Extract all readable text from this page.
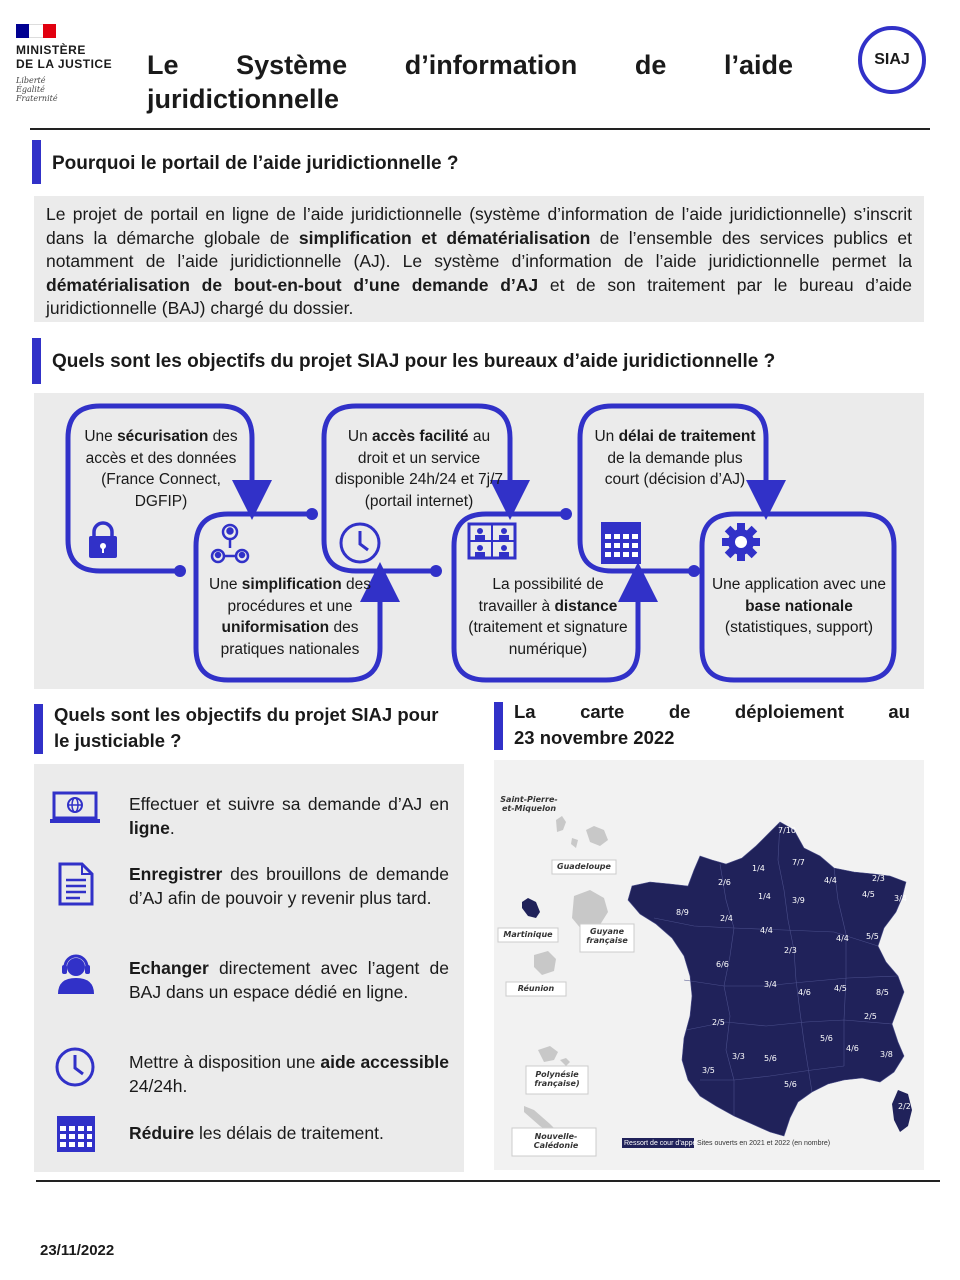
MINISTÈRE
DE LA JUSTICE
Liberté
Égalité
Fraternité
Le Système d’information de l’aide
juridictionnelle
SIAJ
Pourquoi le portail de l’aide juridictionnelle ?
Le projet de portail en ligne de l’aide juridictionnelle (système d’information de l’aide juridictionnelle) s’inscrit dans la démarche globale de simplification et dématérialisation de l’ensemble des services publics et notamment de l’aide juridictionnelle (AJ). Le système d’information de l’aide juridictionnelle permet la dématérialisation de bout-en-bout d’une demande d’AJ et de son traitement par le bureau d’aide juridictionnelle (BAJ) chargé du dossier.
Quels sont les objectifs du projet SIAJ pour les bureaux d’aide juridictionnelle ?
Une sécurisation des accès et des données (France Connect, DGFIP)
Une simplification des procédures et une uniformisation des pratiques nationales
Un accès facilité au droit et un service disponible 24h/24 et 7j/7 (portail internet)
La possibilité de travailler à distance (traitement et signature numérique)
Un délai de traitement de la demande plus court (décision d’AJ)
Une application avec une base nationale (statistiques, support)
Quels sont les objectifs du projet SIAJ pour le justiciable ?
Effectuer et suivre sa demande d’AJ en ligne.
Enregistrer des brouillons de demande d’AJ afin de pouvoir y revenir plus tard.
Echanger directement avec l’agent de BAJ dans un espace dédié en ligne.
Mettre à disposition une aide accessible 24/24h.
Réduire les délais de traitement.
La carte de déploiement au
23 novembre 2022
Saint-Pierre-et-Miquelon
Guadeloupe
Martinique	Guyane française
Réunion
Polynésie française)
Nouvelle-Calédonie	Ressort de cour d’appel Sites ouverts en 2021 et 2022 (en nombre)
7/10
7/7
1/4
2/3
4/4
4/5 3/4
2/6
1/4	3/9
8/9
2/4
4/4
5/5
4/4
2/3
6/6
3/4
4/6	4/5	8/5
2/5
2/5
5/6
4/6
3/8
3/3 5/6
3/5
5/6
2/2
23/11/2022
